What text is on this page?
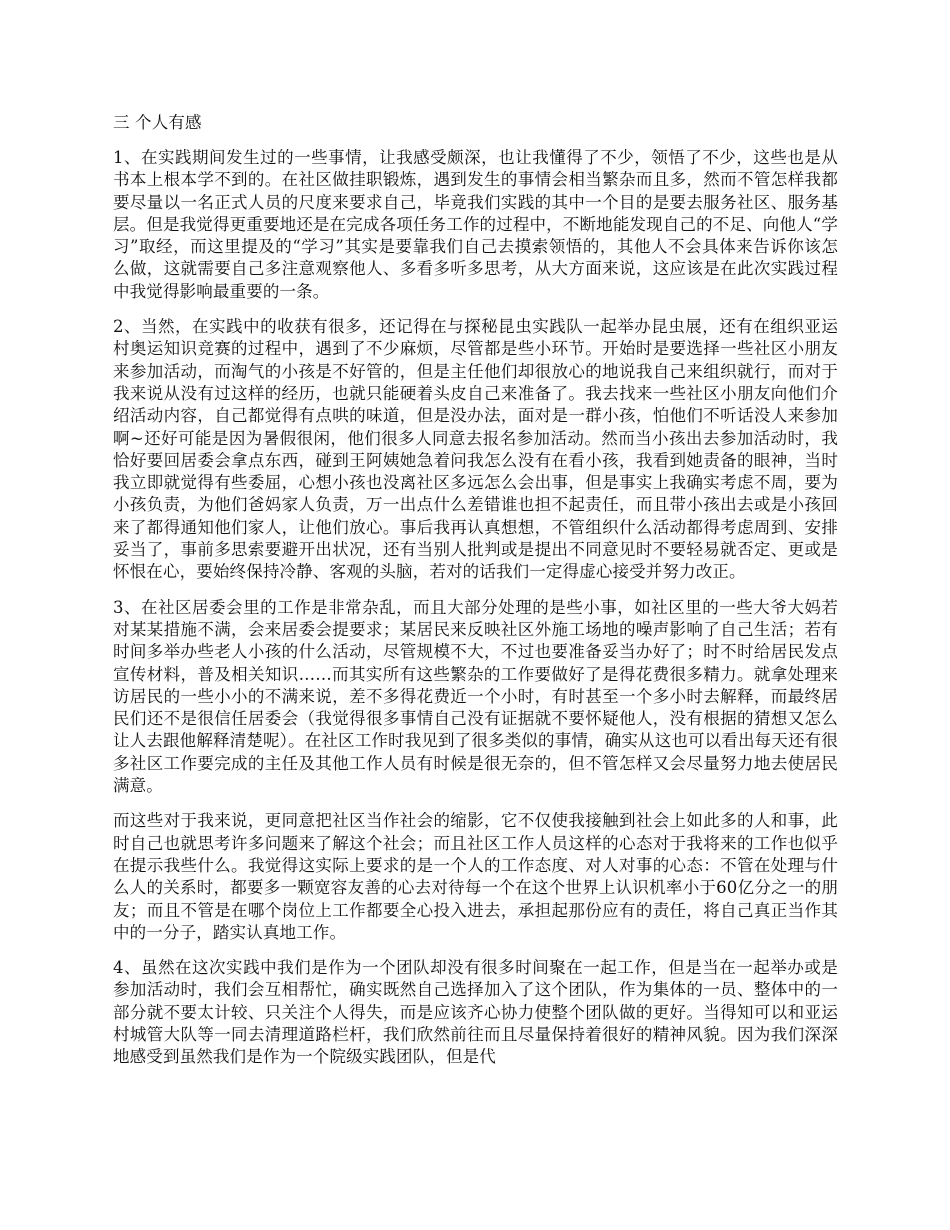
三 个人有感

1、在实践期间发生过的一些事情，让我感受颇深，也让我懂得了不少，领悟了不少，这些也是从书本上根本学不到的。在社区做挂职锻炼，遇到发生的事情会相当繁杂而且多，然而不管怎样我都要尽量以一名正式人员的尺度来要求自己，毕竟我们实践的其中一个目的是要去服务社区、服务基层。但是我觉得更重要地还是在完成各项任务工作的过程中，不断地能发现自己的不足、向他人“学习”取经，而这里提及的“学习”其实是要靠我们自己去摸索领悟的，其他人不会具体来告诉你该怎么做，这就需要自己多注意观察他人、多看多听多思考，从大方面来说，这应该是在此次实践过程中我觉得影响最重要的一条。

2、当然，在实践中的收获有很多，还记得在与探秘昆虫实践队一起举办昆虫展，还有在组织亚运村奥运知识竞赛的过程中，遇到了不少麻烦，尽管都是些小环节。开始时是要选择一些社区小朋友来参加活动，而淘气的小孩是不好管的，但是主任他们却很放心的地说我自己来组织就行，而对于我来说从没有过这样的经历，也就只能硬着头皮自己来准备了。我去找来一些社区小朋友向他们介绍活动内容，自己都觉得有点哄的味道，但是没办法，面对是一群小孩，怕他们不听话没人来参加啊~还好可能是因为暑假很闲，他们很多人同意去报名参加活动。然而当小孩出去参加活动时，我恰好要回居委会拿点东西，碰到王阿姨她急着问我怎么没有在看小孩，我看到她责备的眼神，当时我立即就觉得有些委屈，心想小孩也没离社区多远怎么会出事，但是事实上我确实考虑不周，要为小孩负责，为他们爸妈家人负责，万一出点什么差错谁也担不起责任，而且带小孩出去或是小孩回来了都得通知他们家人，让他们放心。事后我再认真想想，不管组织什么活动都得考虑周到、安排妥当了，事前多思索要避开出状况，还有当别人批判或是提出不同意见时不要轻易就否定、更或是怀恨在心，要始终保持冷静、客观的头脑，若对的话我们一定得虚心接受并努力改正。

3、在社区居委会里的工作是非常杂乱，而且大部分处理的是些小事，如社区里的一些大爷大妈若对某某措施不满，会来居委会提要求；某居民来反映社区外施工场地的噪声影响了自己生活；若有时间多举办些老人小孩的什么活动，尽管规模不大，不过也要准备妥当办好了；时不时给居民发点宣传材料，普及相关知识……而其实所有这些繁杂的工作要做好了是得花费很多精力。就拿处理来访居民的一些小小的不满来说，差不多得花费近一个小时，有时甚至一个多小时去解释，而最终居民们还不是很信任居委会（我觉得很多事情自己没有证据就不要怀疑他人，没有根据的猜想又怎么让人去跟他解释清楚呢）。在社区工作时我见到了很多类似的事情，确实从这也可以看出每天还有很多社区工作要完成的主任及其他工作人员有时候是很无奈的，但不管怎样又会尽量努力地去使居民满意。

而这些对于我来说，更同意把社区当作社会的缩影，它不仅使我接触到社会上如此多的人和事，此时自己也就思考许多问题来了解这个社会；而且社区工作人员这样的心态对于我将来的工作也似乎在提示我些什么。我觉得这实际上要求的是一个人的工作态度、对人对事的心态：不管在处理与什么人的关系时，都要多一颗宽容友善的心去对待每一个在这个世界上认识机率小于60亿分之一的朋友；而且不管是在哪个岗位上工作都要全心投入进去，承担起那份应有的责任，将自己真正当作其中的一分子，踏实认真地工作。

4、虽然在这次实践中我们是作为一个团队却没有很多时间聚在一起工作，但是当在一起举办或是参加活动时，我们会互相帮忙，确实既然自己选择加入了这个团队，作为集体的一员、整体中的一部分就不要太计较、只关注个人得失，而是应该齐心协力使整个团队做的更好。当得知可以和亚运村城管大队等一同去清理道路栏杆，我们欣然前往而且尽量保持着很好的精神风貌。因为我们深深地感受到虽然我们是作为一个院级实践团队，但是代
